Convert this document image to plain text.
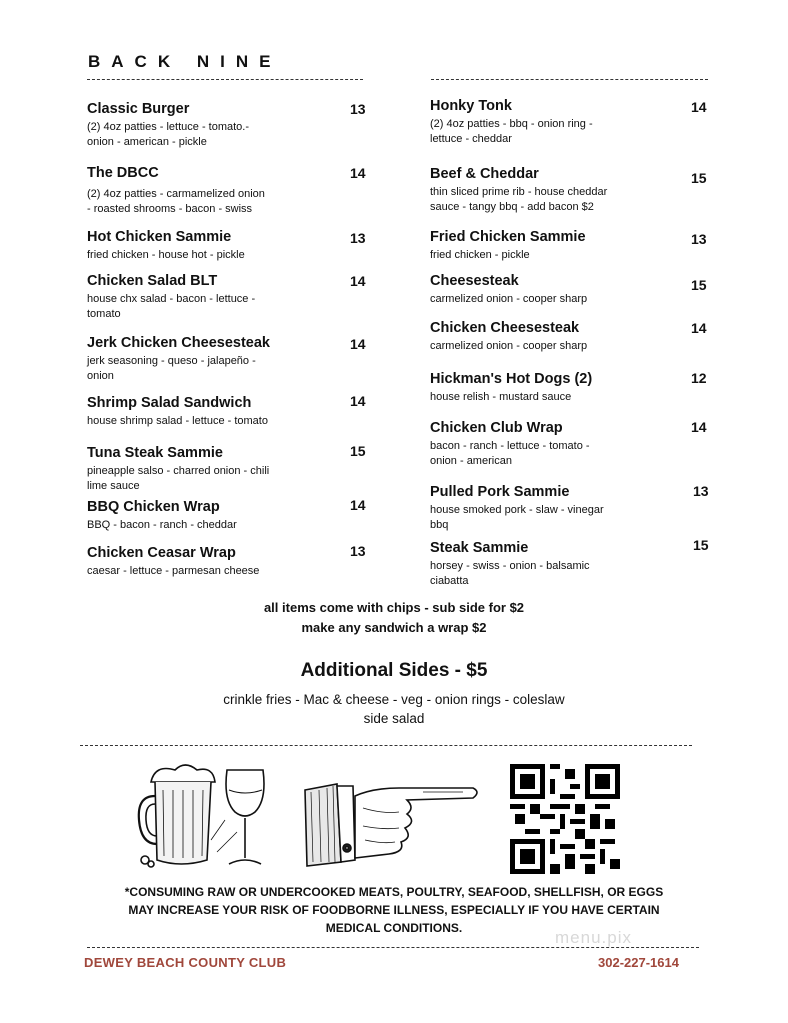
BACK NINE
Classic Burger
(2) 4oz patties - lettuce - tomato.-
onion - american - pickle
13
The DBCC
(2) 4oz patties - carmamelized onion
- roasted shrooms - bacon - swiss
14
Hot Chicken Sammie
fried chicken - house hot - pickle
13
Chicken Salad BLT
house chx salad - bacon - lettuce -
tomato
14
Jerk Chicken Cheesesteak
jerk seasoning - queso - jalapeño -
onion
14
Shrimp Salad Sandwich
house shrimp salad - lettuce - tomato
14
Tuna Steak Sammie
pineapple salso - charred onion - chili
lime sauce
15
BBQ Chicken Wrap
BBQ - bacon - ranch - cheddar
14
Chicken Ceasar Wrap
caesar - lettuce - parmesan cheese
13
Honky Tonk
(2) 4oz patties - bbq - onion ring -
lettuce - cheddar
14
Beef & Cheddar
thin sliced prime rib - house cheddar
sauce - tangy bbq - add bacon $2
15
Fried Chicken Sammie
fried chicken - pickle
13
Cheesesteak
carmelized onion - cooper sharp
15
Chicken Cheesesteak
carmelized onion - cooper sharp
14
Hickman's Hot Dogs (2)
house relish - mustard sauce
12
Chicken Club Wrap
bacon - ranch - lettuce - tomato -
onion - american
14
Pulled Pork Sammie
house smoked pork - slaw - vinegar
bbq
13
Steak Sammie
horsey - swiss - onion - balsamic
ciabatta
15
all items come with chips - sub side for $2
make any sandwich a wrap $2
Additional Sides - $5
crinkle fries - Mac & cheese - veg - onion rings - coleslaw
side salad
*CONSUMING RAW OR UNDERCOOKED MEATS, POULTRY, SEAFOOD, SHELLFISH, OR EGGS MAY INCREASE YOUR RISK OF FOODBORNE ILLNESS, ESPECIALLY IF YOU HAVE CERTAIN MEDICAL CONDITIONS.	menu.pix
DEWEY BEACH COUNTY CLUB	302-227-1614
